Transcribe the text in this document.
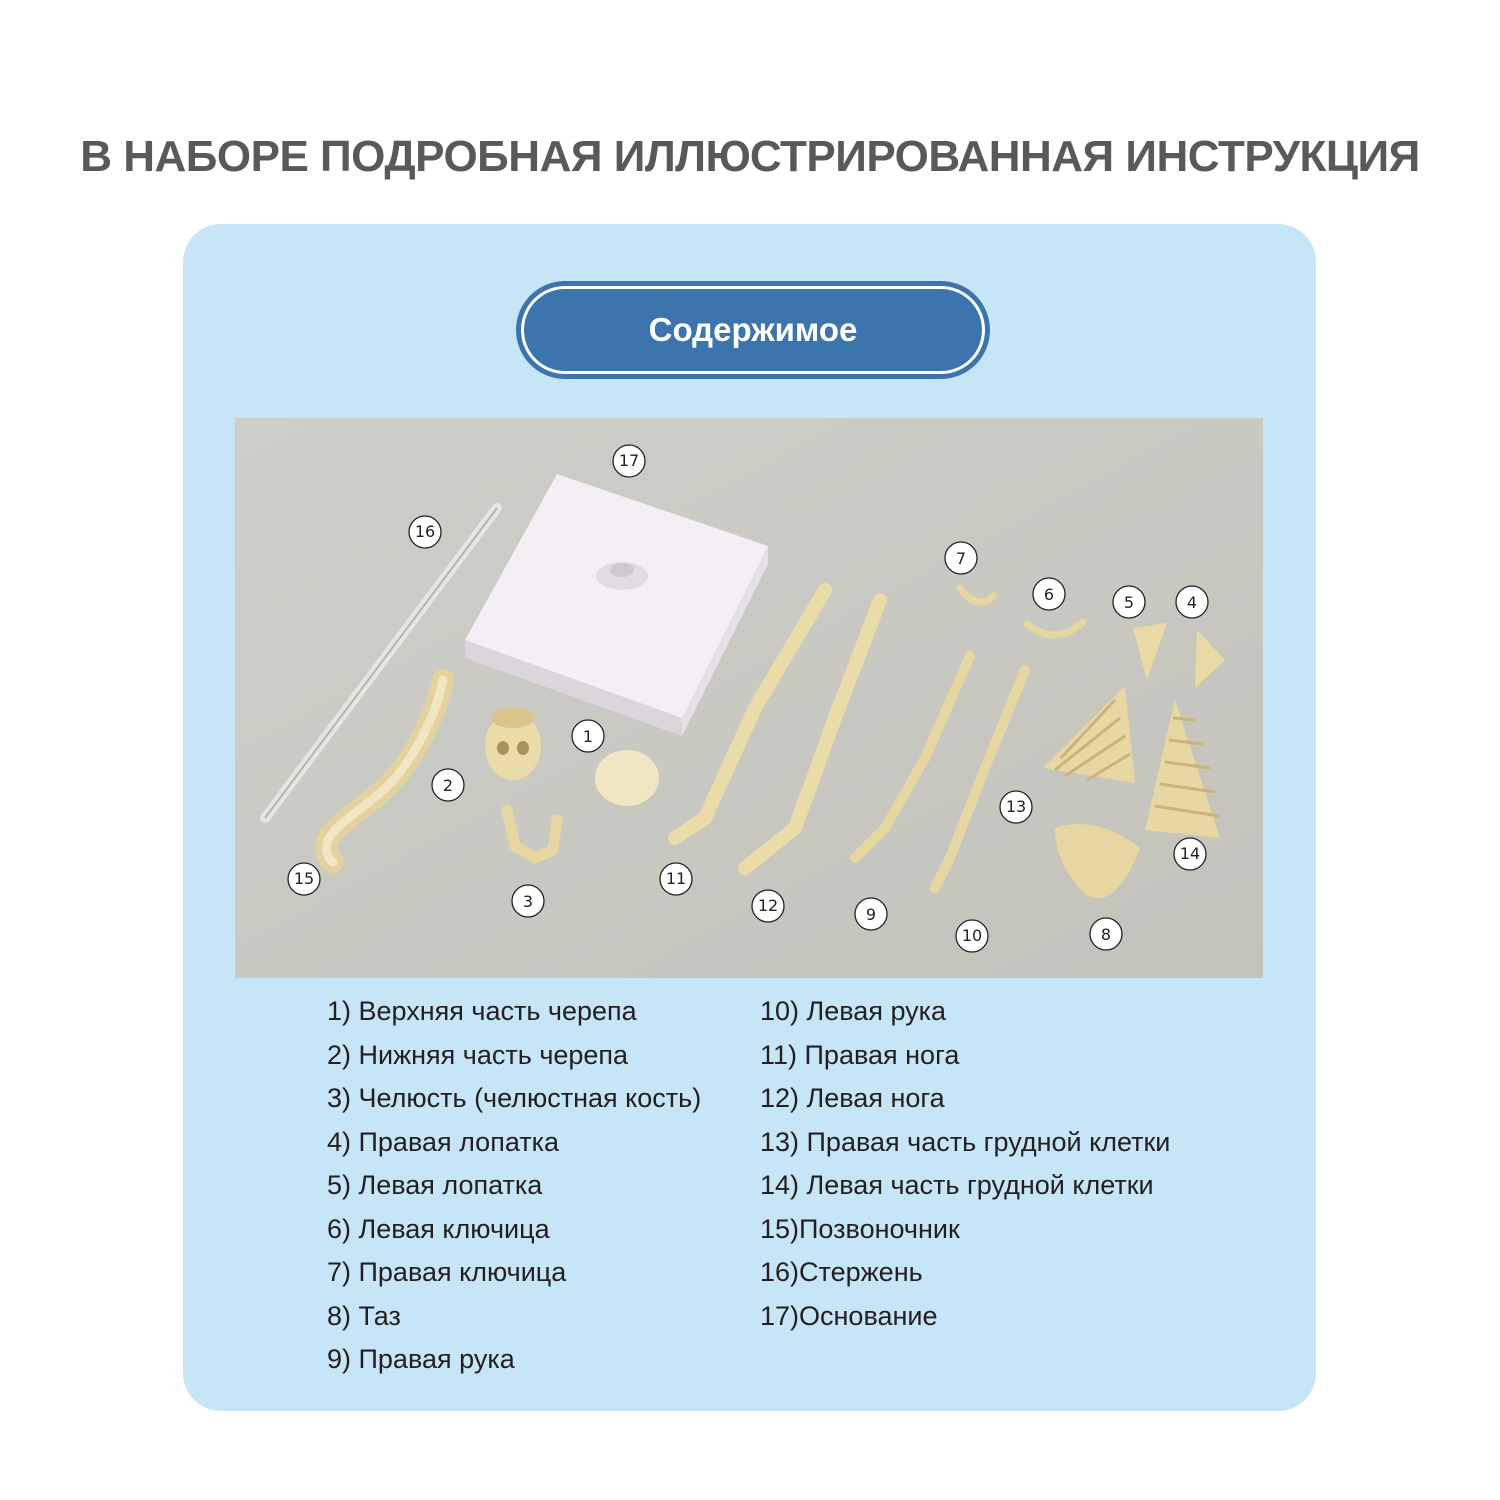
В НАБОРЕ ПОДРОБНАЯ ИЛЛЮСТРИРОВАННАЯ ИНСТРУКЦИЯ
Содержимое
1
2
3
4
5
6
7
8
9
10
11
12
13
14
15
16
17
1) Верхняя часть черепа
2) Нижняя часть черепа
3) Челюсть (челюстная кость)
4) Правая лопатка
5) Левая лопатка
6) Левая ключица
7) Правая ключица
8) Таз
9) Правая рука
10) Левая рука
11) Правая нога
12) Левая нога
13) Правая часть грудной клетки
14) Левая часть грудной клетки
15)Позвоночник
16)Стержень
17)Основание
